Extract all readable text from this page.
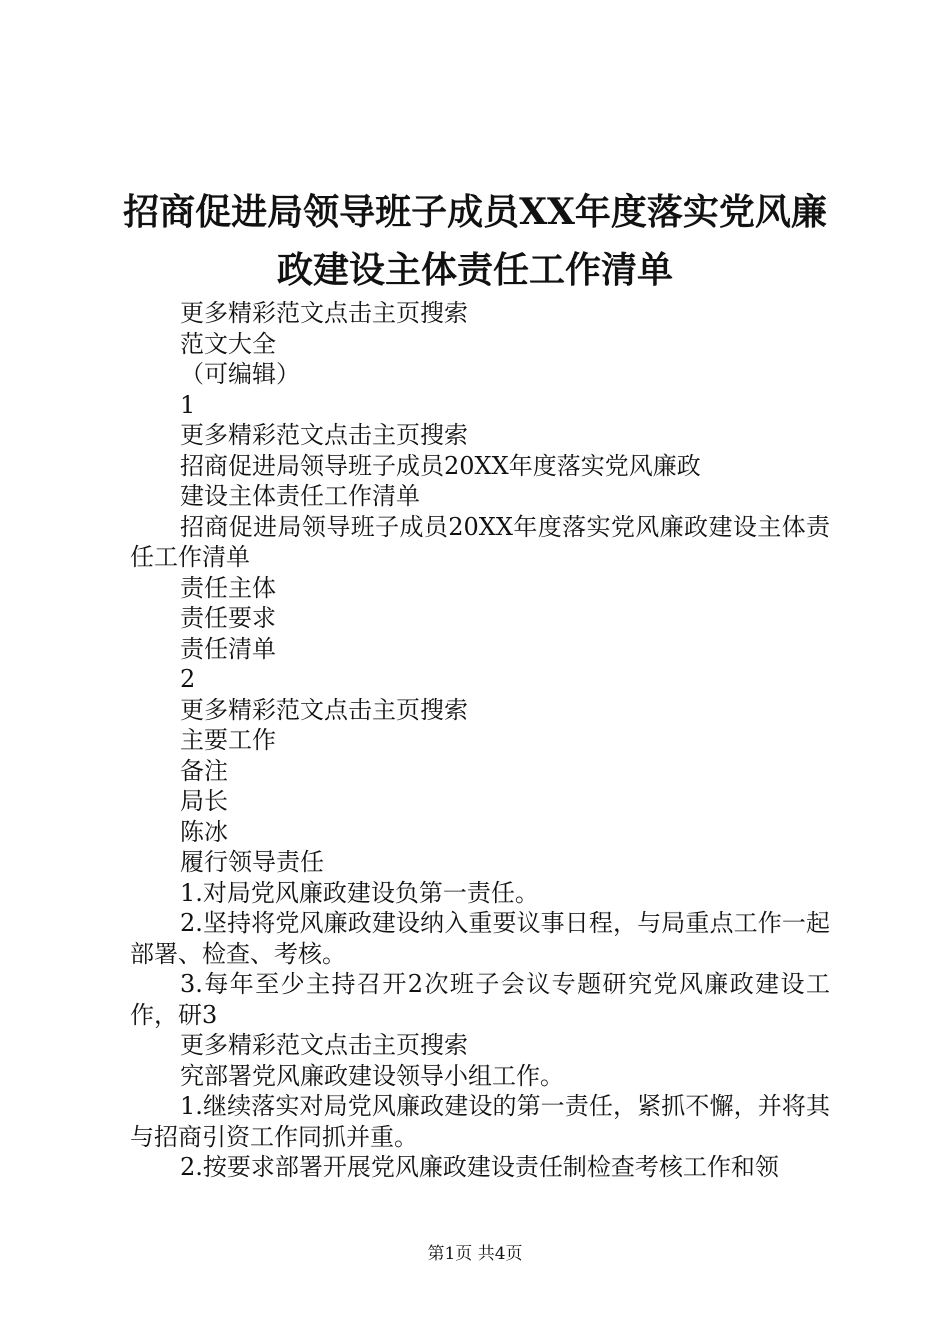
招商促进局领导班子成员XX年度落实党风廉
政建设主体责任工作清单

更多精彩范文点击主页搜索

范文大全

（可编辑）

1

更多精彩范文点击主页搜索

招商促进局领导班子成员20XX年度落实党风廉政

建设主体责任工作清单

招商促进局领导班子成员20XX年度落实党风廉政建设主体责任工作清单

责任主体

责任要求

责任清单

2

更多精彩范文点击主页搜索

主要工作

备注

局长

陈冰

履行领导责任

1.对局党风廉政建设负第一责任。

2.坚持将党风廉政建设纳入重要议事日程，与局重点工作一起部署、检查、考核。

3.每年至少主持召开2次班子会议专题研究党风廉政建设工作，研3

更多精彩范文点击主页搜索

究部署党风廉政建设领导小组工作。

1.继续落实对局党风廉政建设的第一责任，紧抓不懈，并将其与招商引资工作同抓并重。

2.按要求部署开展党风廉政建设责任制检查考核工作和领

第1页 共4页
